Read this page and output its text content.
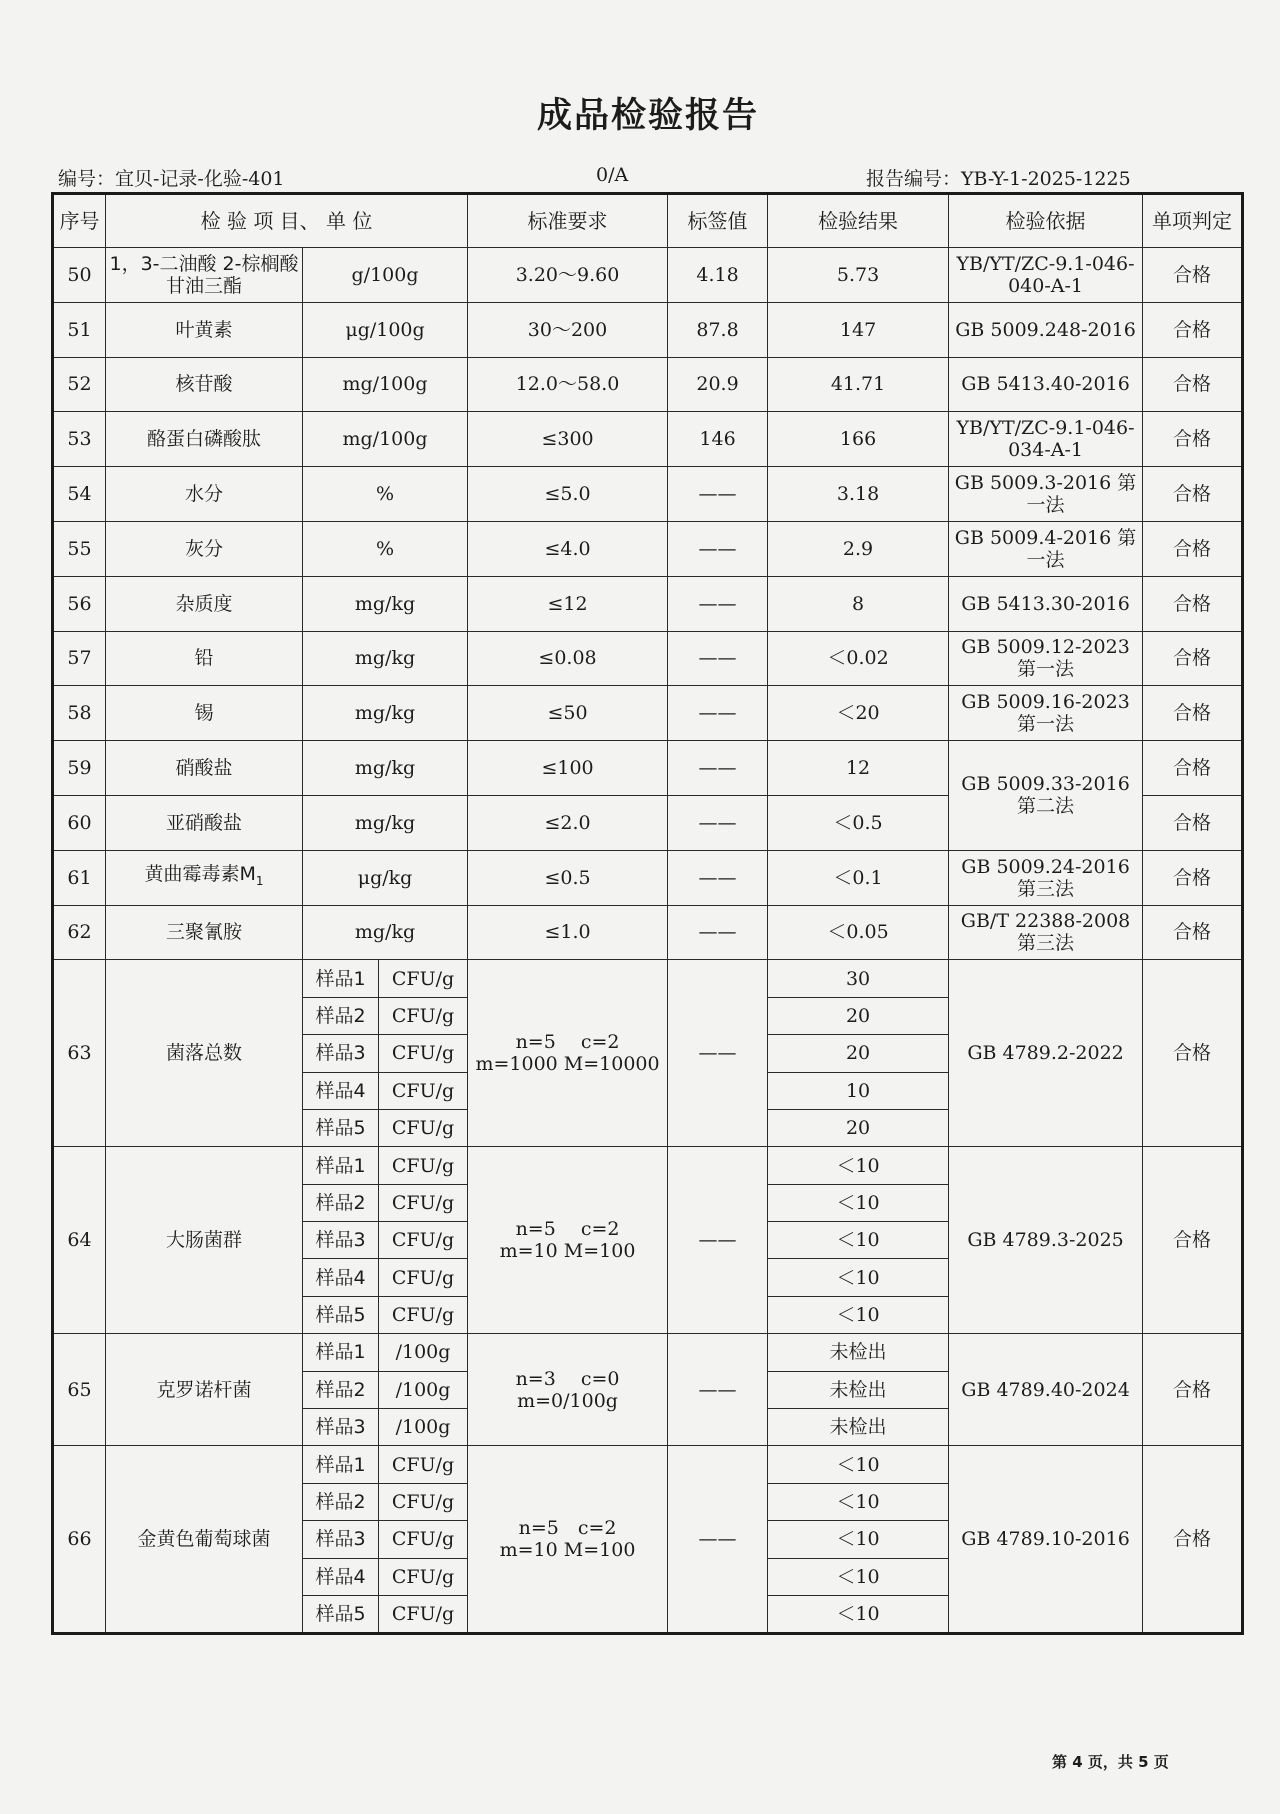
成品检验报告
编号：宜贝-记录-化验-401	0/A	报告编号：YB-Y-1-2025-1225
序号	检 验 项 目、 单 位			标准要求	标签值	检验结果	检验依据	单项判定
50	1，3-二油酸 2-棕榈酸甘油三酯	g/100g		3.20～9.60	4.18	5.73	YB/YT/ZC-9.1-046-040-A-1	合格
51	叶黄素	μg/100g		30～200	87.8	147	GB 5009.248-2016	合格
52	核苷酸	mg/100g		12.0～58.0	20.9	41.71	GB 5413.40-2016	合格
53	酪蛋白磷酸肽	mg/100g		≤300	146	166	YB/YT/ZC-9.1-046-034-A-1	合格
54	水分	%		≤5.0	——	3.18	GB 5009.3-2016 第一法	合格
55	灰分	%		≤4.0	——	2.9	GB 5009.4-2016 第一法	合格
56	杂质度	mg/kg		≤12	——	8	GB 5413.30-2016	合格
57	铅	mg/kg		≤0.08	——	＜0.02	GB 5009.12-2023 第一法	合格
58	锡	mg/kg		≤50	——	＜20	GB 5009.16-2023 第一法	合格
59	硝酸盐	mg/kg		≤100	——	12	GB 5009.33-2016 第二法	合格
60	亚硝酸盐	mg/kg		≤2.0	——	＜0.5		合格
61	黄曲霉毒素$M_1$	μg/kg		≤0.5	——	＜0.1	GB 5009.24-2016 第三法	合格
62	三聚氰胺	mg/kg		≤1.0	——	＜0.05	GB/T 22388-2008 第三法	合格
63	菌落总数	样品1	CFU/g	n=5　 c=2
m=1000 M=10000	——	30	GB 4789.2-2022	合格
		样品2	CFU/g			20		
		样品3	CFU/g			20		
		样品4	CFU/g			10		
		样品5	CFU/g			20		
64	大肠菌群	样品1	CFU/g	n=5　 c=2
m=10 M=100	——	＜10	GB 4789.3-2025	合格
		样品2	CFU/g			＜10		
		样品3	CFU/g			＜10		
		样品4	CFU/g			＜10		
		样品5	CFU/g			＜10		
65	克罗诺杆菌	样品1	/100g	n=3　 c=0
m=0/100g	——	未检出	GB 4789.40-2024	合格
		样品2	/100g			未检出		
		样品3	/100g			未检出		
66	金黄色葡萄球菌	样品1	CFU/g	n=5　c=2
m=10 M=100	——	＜10	GB 4789.10-2016	合格
		样品2	CFU/g			＜10		
		样品3	CFU/g			＜10		
		样品4	CFU/g			＜10		
		样品5	CFU/g			＜10		
第 4 页，共 5 页
